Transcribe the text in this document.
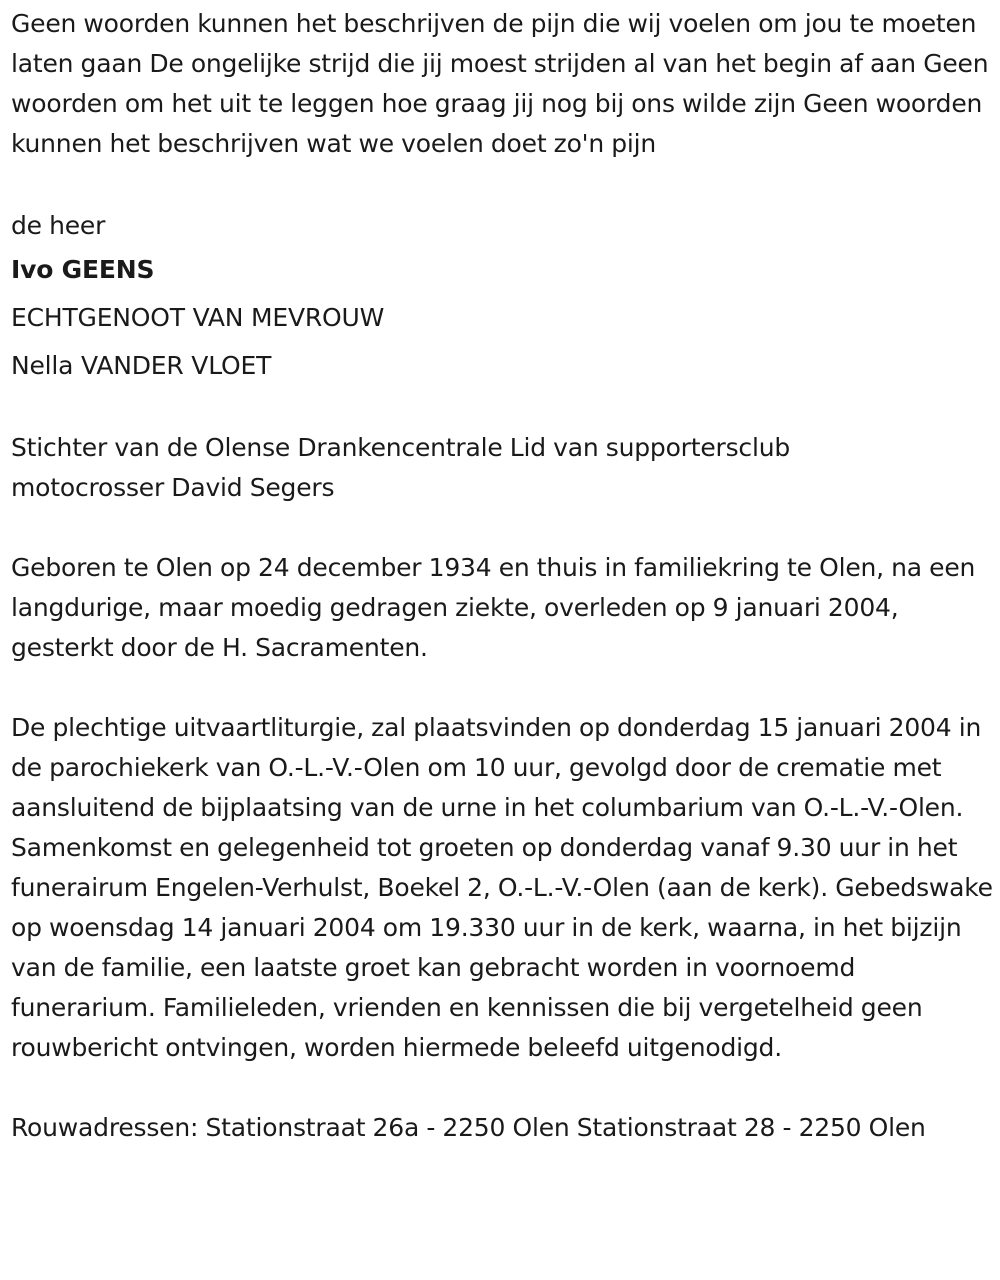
Geen woorden kunnen het beschrijven de pijn die wij voelen om jou te moeten laten gaan De ongelijke strijd die jij moest strijden al van het begin af aan Geen woorden om het uit te leggen hoe graag jij nog bij ons wilde zijn Geen woorden kunnen het beschrijven wat we voelen doet zo'n pijn

de heer

Ivo GEENS

ECHTGENOOT VAN MEVROUW

Nella VANDER VLOET

Stichter van de Olense Drankencentrale Lid van supportersclub motocrosser David Segers

Geboren te Olen op 24 december 1934 en thuis in familiekring te Olen, na een langdurige, maar moedig gedragen ziekte, overleden op 9 januari 2004, gesterkt door de H. Sacramenten.

De plechtige uitvaartliturgie, zal plaatsvinden op donderdag 15 januari 2004 in de parochiekerk van O.-L.-V.-Olen om 10 uur, gevolgd door de crematie met aansluitend de bijplaatsing van de urne in het columbarium van O.-L.-V.-Olen. Samenkomst en gelegenheid tot groeten op donderdag vanaf 9.30 uur in het funerairum Engelen-Verhulst, Boekel 2, O.-L.-V.-Olen (aan de kerk). Gebedswake op woensdag 14 januari 2004 om 19.330 uur in de kerk, waarna, in het bijzijn van de familie, een laatste groet kan gebracht worden in voornoemd funerarium. Familieleden, vrienden en kennissen die bij vergetelheid geen rouwbericht ontvingen, worden hiermede beleefd uitgenodigd.

Rouwadressen: Stationstraat 26a - 2250 Olen Stationstraat 28 - 2250 Olen
